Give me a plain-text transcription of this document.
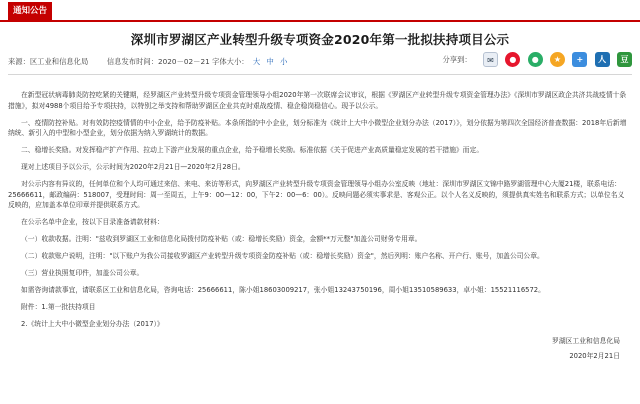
通知公告
深圳市罗湖区产业转型升级专项资金2020年第一批拟扶持项目公示
来源：区工业和信息化局	信息发布时间：2020－02－21 字体大小： 大 中 小	分享到： ✉ ● ● ★ + 人 豆

在新型冠状病毒肺炎防控吃紧的关键期，经罗湖区产业转型升级专项资金管理领导小组2020年第一次联席会议审议，根据《罗湖区产业转型升级专项资金管理办法》《深圳市罗湖区政企共济共战疫情十条措施》，拟对4988个项目给予专项扶持，以特别之举支持和帮助罗湖区企业共克时艰战疫情、稳企稳岗稳信心。现予以公示。

一、疫情防控补贴。对有效防控疫情情的中小企业，给予防疫补贴。本条所指的中小企业，划分标准为《统计上大中小微型企业划分办法（2017）》，划分依据为第四次全国经济普查数据：2018年后新增纳统、新引入的中型和小型企业，划分依据为纳入罗湖统计的数据。

二、稳增长奖励。对发挥稳产扩产作用、拉动上下游产业发展的重点企业，给予稳增长奖励。标准依据《关于促进产业高质量稳定发展的若干措施》而定。

现对上述项目予以公示，公示时间为2020年2月21日—2020年2月28日。

对公示内容有异议的，任何单位和个人均可通过来信、来电、来访等形式，向罗湖区产业转型升级专项资金管理领导小组办公室反映（地址：深圳市罗湖区文锦中路罗湖管理中心大厦21楼，联系电话：25666611，邮政编码：518007，受理时间：周一至周五，上午9：00—12：00，下午2：00—6：00）。反映问题必须实事求是、客观公正。以个人名义反映的，须提供真实姓名和联系方式；以单位名义反映的，应加盖本单位印章并提供联系方式。

在公示名单中企业，按以下目录准备请款材料：

（一）收款收据。注明："兹收到罗湖区工业和信息化局拨付防疫补贴（或：稳增长奖励）资金，金额**万元整"加盖公司财务专用章。

（二）收款账户说明，注明："以下账户为我公司接收罗湖区产业转型升级专项资金防疫补贴（或：稳增长奖励）资金"，然后列明：账户名称、开户行、账号，加盖公司公章。

（三）营业执照复印件，加盖公司公章。

如需咨询请款事宜，请联系区工业和信息化局，咨询电话：25666611，陈小姐18603009217，张小姐13243750196，周小姐13510589633，卓小姐：15521116572。

附件：1.第一批扶持项目

2.《统计上大中小微型企业划分办法（2017）》

罗湖区工业和信息化局

2020年2月21日
